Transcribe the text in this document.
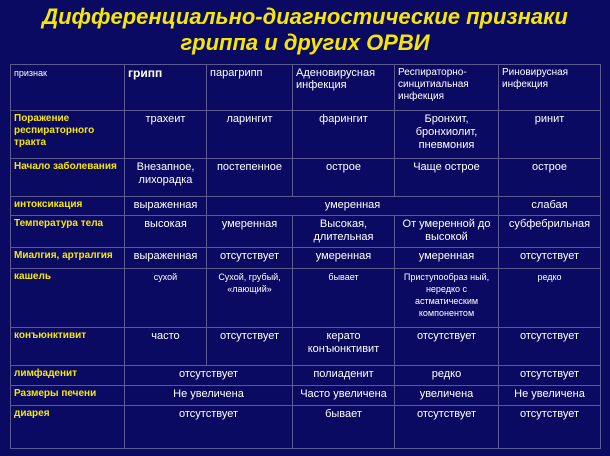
Дифференциально-диагностические признаки
гриппа и других ОРВИ
признак	грипп	парагрипп	Аденовирусная инфекция	Респираторно-синцитиальная инфекция	Риновирусная инфекция
Поражение респираторного тракта	трахеит	ларингит	фарингит	Бронхит, бронхиолит, пневмония	ринит
Начало заболевания	Внезапное, лихорадка	постепенное	острое	Чаще острое	острое
интоксикация	выраженная	умеренная			слабая
Температура тела	высокая	умеренная	Высокая, длительная	От умеренной до высокой	субфебрильная
Миалгия, артралгия	выраженная	отсутствует	умеренная	умеренная	отсутствует
кашель	сухой	Сухой, грубый, «лающий»	бывает	Приступообраз ный, нередко с астматическим компонентом	редко
конъюнктивит	часто	отсутствует	керато конъюнктивит	отсутствует	отсутствует
лимфаденит	отсутствует		полиаденит	редко	отсутствует
Размеры печени	Не увеличена		Часто увеличена	увеличена	Не увеличена
диарея	отсутствует		бывает	отсутствует	отсутствует
